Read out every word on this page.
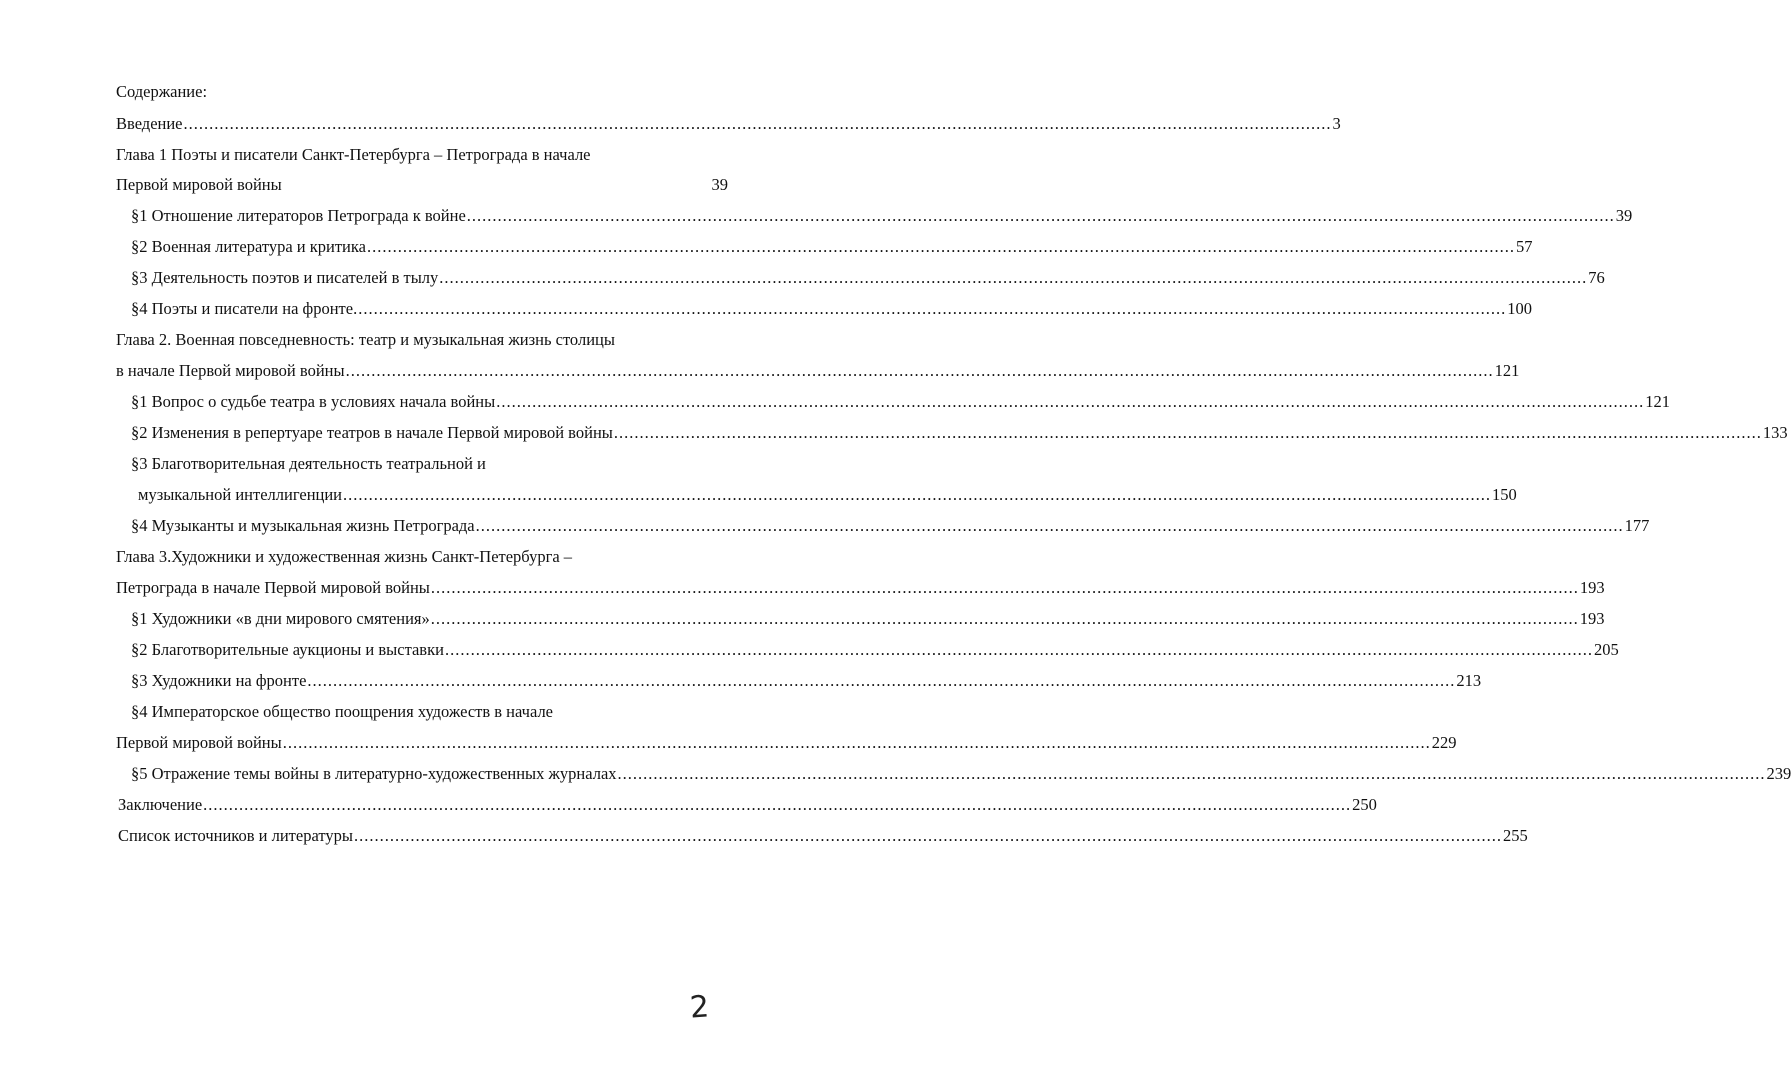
Содержание:
Введение ................................................................................................................................................................................................................................ 3
Глава 1 Поэты и писатели Санкт-Петербурга – Петрограда в начале
Первой мировой войны	39
§1 Отношение литераторов Петрограда к войне ................................................................................................................................................................................................................................ 39
§2 Военная литература и критика ................................................................................................................................................................................................................................ 57
§3 Деятельность поэтов и писателей в тылу ................................................................................................................................................................................................................................ 76
§4 Поэты и писатели на фронте. ................................................................................................................................................................................................................................ 100
Глава 2. Военная повседневность: театр и музыкальная жизнь столицы
в начале Первой мировой войны ................................................................................................................................................................................................................................ 121
§1 Вопрос о судьбе театра в условиях начала войны ................................................................................................................................................................................................................................ 121
§2 Изменения в репертуаре театров в начале Первой мировой войны ................................................................................................................................................................................................................................ 133
§3 Благотворительная деятельность театральной и
музыкальной интеллигенции ................................................................................................................................................................................................................................ 150
§4 Музыканты и музыкальная жизнь Петрограда ................................................................................................................................................................................................................................ 177
Глава 3.Художники и художественная жизнь Санкт-Петербурга –
Петрограда в начале Первой мировой войны ................................................................................................................................................................................................................................ 193
§1 Художники «в дни мирового смятения» ................................................................................................................................................................................................................................ 193
§2 Благотворительные аукционы и выставки ................................................................................................................................................................................................................................ 205
§3 Художники на фронте ................................................................................................................................................................................................................................ 213
§4 Императорское общество поощрения художеств в начале
Первой мировой войны ................................................................................................................................................................................................................................ 229
§5 Отражение темы войны в литературно-художественных журналах ................................................................................................................................................................................................................................ 239
Заключение ................................................................................................................................................................................................................................ 250
Список источников и литературы ................................................................................................................................................................................................................................ 255
2
